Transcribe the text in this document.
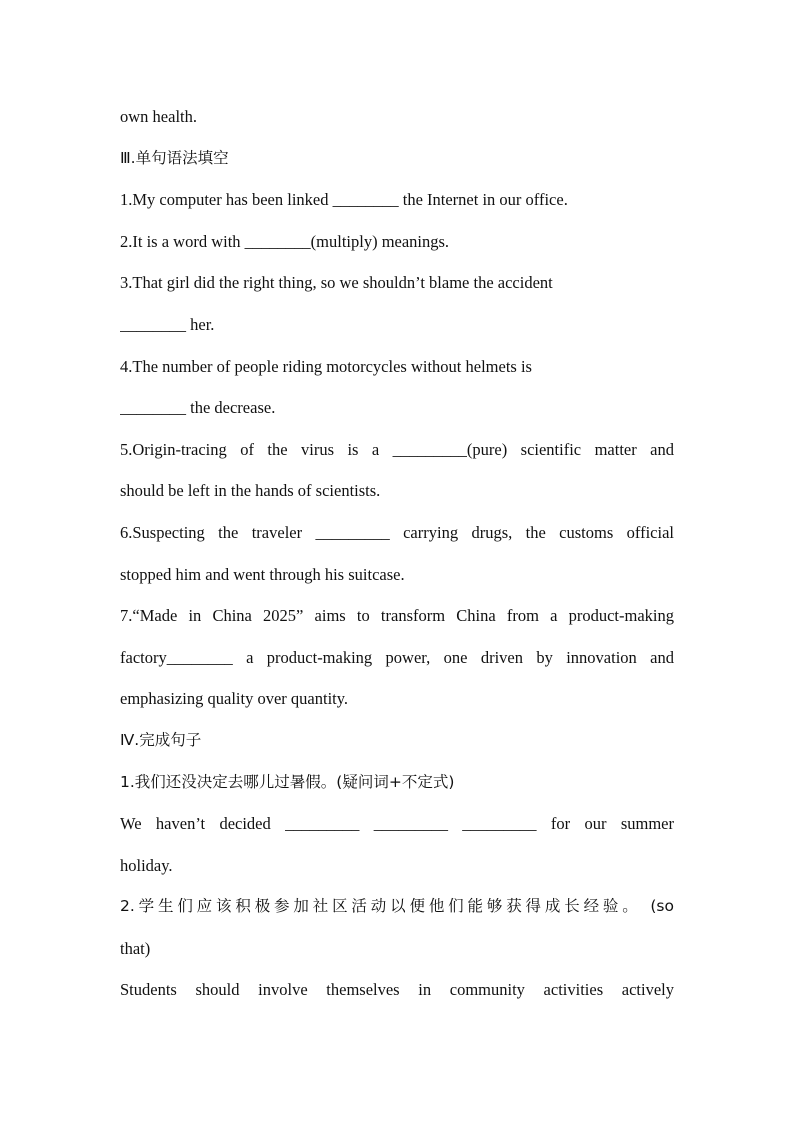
own health.
Ⅲ.单句语法填空
1.My computer has been linked ________ the Internet in our office.
2.It is a word with ________(multiply) meanings.
3.That girl did the right thing, so we shouldn’t blame the accident
________ her.
4.The number of people riding motorcycles without helmets is
________ the decrease.
5.Origin-tracing of the virus is a _________(pure) scientific matter and
should be left in the hands of scientists.
6.Suspecting the traveler _________ carrying drugs, the customs official
stopped him and went through his suitcase.
7.“Made in China 2025” aims to transform China from a product-making
factory________ a product-making power, one driven by innovation and
emphasizing quality over quantity.
Ⅳ.完成句子
1.我们还没决定去哪儿过暑假。(疑问词+不定式)
We haven’t decided _________ _________ _________ for our summer
holiday.
2.学生们应该积极参加社区活动以便他们能够获得成长经验。 (so
that)
Students should involve themselves in community activities actively
